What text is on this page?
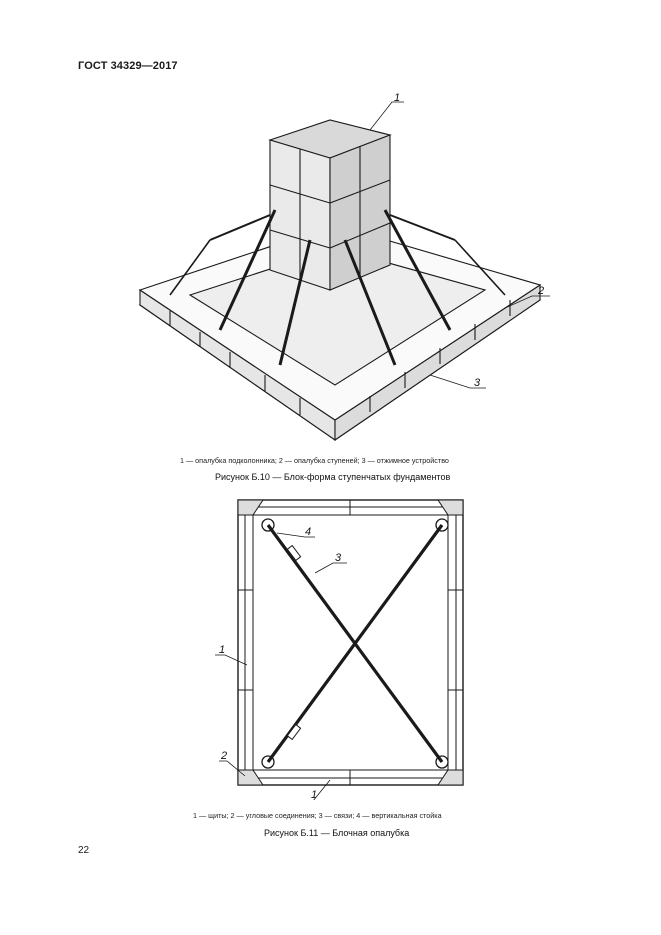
ГОСТ 34329—2017
1
2
3
1 — опалубка подколонника; 2 — опалубка ступеней; 3 — отжимное устройство
Рисунок Б.10 — Блок-форма ступенчатых фундаментов
4
3
1
2
1
1 — щиты; 2 — угловые соединения; 3 — связи; 4 — вертикальная стойка
Рисунок Б.11 — Блочная опалубка
22
